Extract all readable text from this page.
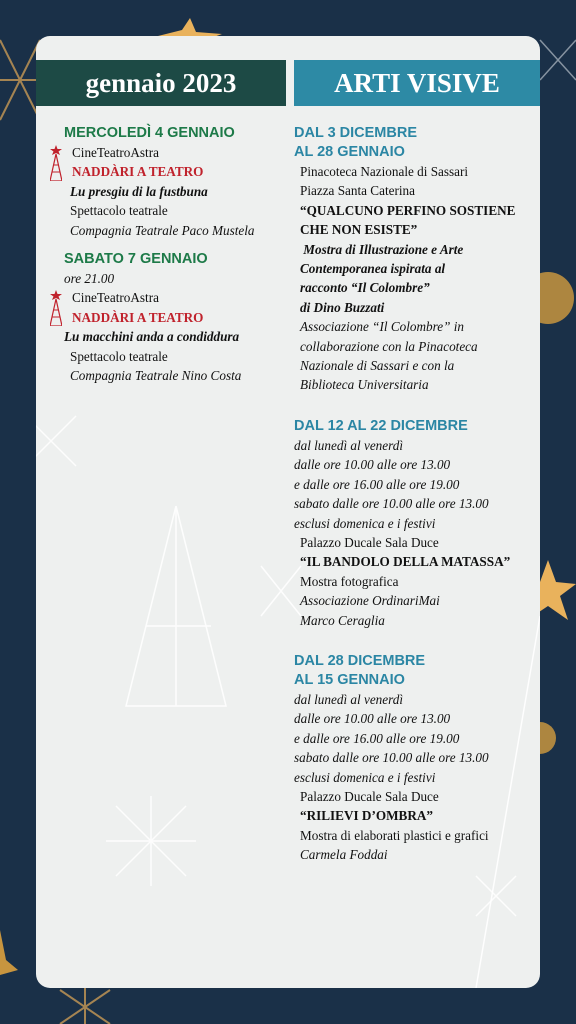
gennaio 2023	ARTI VISIVE
MERCOLEDÌ 4 GENNAIO
CineTeatroAstra
NADDÀRI A TEATRO
Lu presgiu di la fustbuna
Spettacolo teatrale
Compagnia Teatrale Paco Mustela
SABATO 7 GENNAIO
ore 21.00
CineTeatroAstra
NADDÀRI A TEATRO
Lu macchini anda a condiddura
Spettacolo teatrale
Compagnia Teatrale Nino Costa
DAL 3 DICEMBRE
AL 28 GENNAIO
Pinacoteca Nazionale di Sassari
Piazza Santa Caterina
“QUALCUNO PERFINO SOSTIENE
CHE NON ESISTE”
Mostra di Illustrazione e Arte
Contemporanea ispirata al
racconto “Il Colombre”
di Dino Buzzati
Associazione “Il Colombre” in
collaborazione con la Pinacoteca
Nazionale di Sassari e con la
Biblioteca Universitaria
DAL 12 AL 22 DICEMBRE
dal lunedì al venerdì
dalle ore 10.00 alle ore 13.00
e dalle ore 16.00 alle ore 19.00
sabato dalle ore 10.00 alle ore 13.00
esclusi domenica e i festivi
Palazzo Ducale Sala Duce
“IL BANDOLO DELLA MATASSA”
Mostra fotografica
Associazione OrdinariMai
Marco Ceraglia
DAL 28 DICEMBRE
AL 15 GENNAIO
dal lunedì al venerdì
dalle ore 10.00 alle ore 13.00
e dalle ore 16.00 alle ore 19.00
sabato dalle ore 10.00 alle ore 13.00
esclusi domenica e i festivi
Palazzo Ducale Sala Duce
“RILIEVI D’OMBRA”
Mostra di elaborati plastici e grafici
Carmela Foddai
